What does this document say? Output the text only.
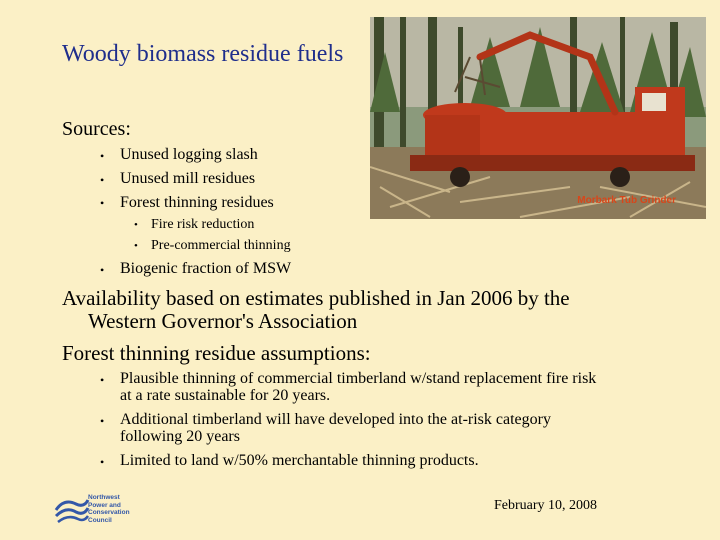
Woody biomass residue fuels
Sources:
• Unused logging slash
• Unused mill residues
• Forest thinning residues
• Fire risk reduction
• Pre-commercial thinning
• Biogenic fraction of MSW
Availability based on estimates published in Jan 2006 by the
Western Governor's Association
Forest thinning residue assumptions:
• Plausible thinning of commercial timberland w/stand replacement fire risk
at a rate sustainable for 20 years.
• Additional timberland will have developed into the at-risk category
following 20 years
• Limited to land w/50% merchantable thinning products.
Morbark Tub Grinder
Northwest
Power and
Conservation
Council
February 10, 2008
